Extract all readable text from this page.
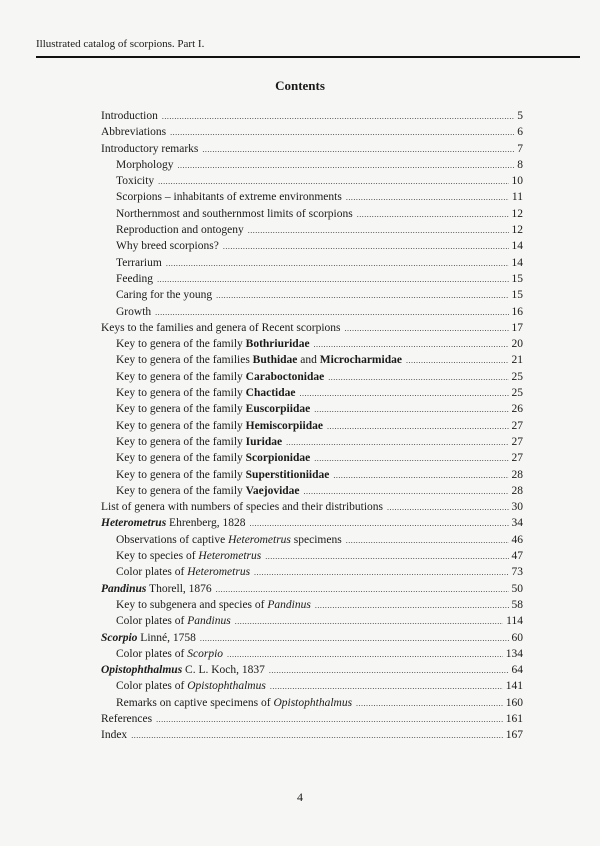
Illustrated catalog of scorpions. Part I.
Contents
Introduction .....	5
Abbreviations .....	6
Introductory remarks .....	7
Morphology .....	8
Toxicity .....	10
Scorpions – inhabitants of extreme environments .....	11
Northernmost and southernmost limits of scorpions .....	12
Reproduction and ontogeny .....	12
Why breed scorpions? .....	14
Terrarium .....	14
Feeding .....	15
Caring for the young .....	15
Growth .....	16
Keys to the families and genera of Recent scorpions .....	17
Key to genera of the family Bothriuridae .....	20
Key to genera of the families Buthidae and Microcharmidae .....	21
Key to genera of the family Caraboctonidae .....	25
Key to genera of the family Chactidae .....	25
Key to genera of the family Euscorpiidae .....	26
Key to genera of the family Hemiscorpiidae .....	27
Key to genera of the family Iuridae .....	27
Key to genera of the family Scorpionidae .....	27
Key to genera of the family Superstitioniidae .....	28
Key to genera of the family Vaejovidae .....	28
List of genera with numbers of species and their distributions .....	30
Heterometrus Ehrenberg, 1828 .....	34
Observations of captive Heterometrus specimens .....	46
Key to species of Heterometrus .....	47
Color plates of Heterometrus .....	73
Pandinus Thorell, 1876 .....	50
Key to subgenera and species of Pandinus .....	58
Color plates of Pandinus .....	114
Scorpio Linné, 1758 .....	60
Color plates of Scorpio .....	134
Opistophthalmus C. L. Koch, 1837 .....	64
Color plates of Opistophthalmus .....	141
Remarks on captive specimens of Opistophthalmus .....	160
References .....	161
Index .....	167
4
